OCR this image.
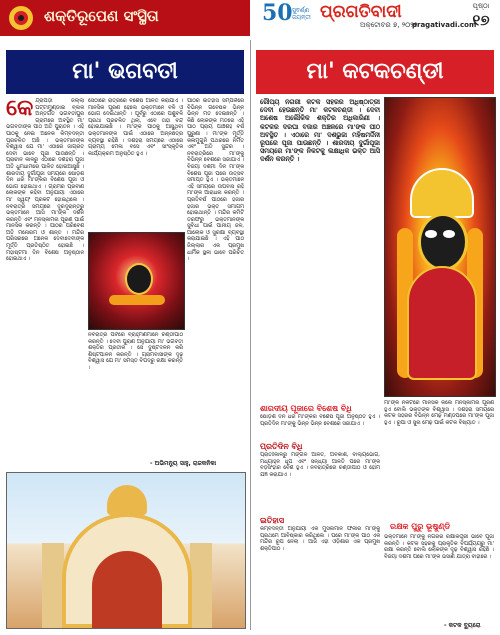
ଶକ୍ତିରୂପେଣ ସଂସ୍ଥିତା	50 ସୁବର୍ଣ୍ଣ ଜୟନ୍ତୀ ପ୍ରଗତିବାଦୀ
ଅକ୍ଟୋବର ୭, ୨୦୨୧
pragativadi.com
ପୃଷ୍ଠା
୧୭
ମା' ଭଗବତୀ
କେ ନ୍ଦ୍ରାପଡ଼ା ଜିଲ୍ଲା ପଟ୍ଟାମୁଣ୍ଡାଇ ବ୍ଲକ ଅନ୍ତର୍ଗତ ଭଗବତୀପୁର ଗ୍ରାମରେ ଅବସ୍ଥିତ ମା' ଭଗବତୀଙ୍କ ପୀଠ ଅତି ପୁରାତନ । ଏହି ପୀଠକୁ ନେଇ ଅନେକ କିମ୍ବଦନ୍ତୀ ପ୍ରଚଳିତ ଅଛି । ଭକ୍ତମାନଙ୍କ ବିଶ୍ୱାସ ଯେ ମା' ଏଠାରେ ଜାଗ୍ରତ ଦେବୀ ଭାବେ ପୂଜା ପାଉଛନ୍ତି । ପ୍ରାଚୀନ କାଳରୁ ଏଠାରେ ଦଶହରା ପୂଜା ଅତି ଧୁମଧାମରେ ପାଳିତ ହୋଇଆସୁଛି । ଶାରଦୀୟ ଦୁର୍ଗାପୂଜା ସମୟରେ ଷୋଡ଼ଶ ଦିନ ଧରି ମା'ଙ୍କର ବିଶେଷ ପୂଜା ଓ ଭୋଗ ହୋଇଥାଏ । ଗ୍ରାମର ପ୍ରବୀଣ ଲୋକଙ୍କ କହିବା ଅନୁଯାୟୀ ଏଠାରେ ମା' ସ୍ୱୟଂ ପ୍ରକଟ ହୋଇଥିଲେ । ନବରାତ୍ରି ସମୟରେ ଦୂରଦୂରାନ୍ତରୁ ଭକ୍ତମାନେ ଆସି ମା'ଙ୍କ ଦର୍ଶନ କରନ୍ତି ଏବଂ ମନସ୍କାମନା ପୂରଣ ପାଇଁ ମାନସିକ କରନ୍ତି । ପୀଠର ପରିବେଶ ଅତି ମନୋରମ ଓ ଶାନ୍ତ । ମନ୍ଦିର ପରିସରରେ ଅନେକ ଦେବାଦେବୀଙ୍କ ମୂର୍ତ୍ତି ପ୍ରତିଷ୍ଠିତ ହୋଇଛି । ମହାଷ୍ଟମୀ ଦିନ ବିଶେଷ ଅନୁଷ୍ଠାନ ହୋଇଥାଏ ।
ସେଠାରେ ରାତ୍ରିରେ ବିଶେଷ ଆଳତି କରାଯାଏ । ମାନସିକ ପୂରଣ ହେଲେ ଭକ୍ତମାନେ ବଳି ଓ ଭୋଗ ଦେଇଥାନ୍ତି । ପୂର୍ବରୁ ଏଠାରେ ପଶୁବଳି ପ୍ରଥା ପ୍ରଚଳିତ ଥିଲା, ଏବେ ତାହା ବନ୍ଦ ହୋଇଯାଇଛି । ମା'ଙ୍କ ପୀଠକୁ ଆସୁଥିବା ଭକ୍ତମାନଙ୍କ ପାଇଁ ଏଠାରେ ଅନ୍ନଛତ୍ର ବ୍ୟବସ୍ଥା ରହିଛି । ଦଶହରା ସମୟରେ ଏଠାରେ ଗ୍ରାମ୍ୟ ମେଳା ବସେ ଏବଂ ସାଂସ୍କୃତିକ କାର୍ଯ୍ୟକ୍ରମ ଅନୁଷ୍ଠିତ ହୁଏ ।
ନବରାତ୍ରି ପର୍ବରେ ବ୍ରାହ୍ମଣମାନେ ଚଣ୍ଡୀପାଠ କରନ୍ତି । ଦେବୀ ପୁରାଣ ଅନୁଯାୟୀ ମା' ଭଗବତୀ ଶକ୍ତିର ପ୍ରତୀକ । ସେ ଦୁଷ୍ଟଦଳନ କରି ଶିଷ୍ଟପାଳନ କରନ୍ତି । ଗ୍ରାମବାସୀଙ୍କ ଦୃଢ଼ ବିଶ୍ୱାସ ଯେ ମା' ସମସ୍ତ ବିପଦରୁ ରକ୍ଷା କରନ୍ତି ।
ପୀଠର ଇତିହାସ ସମ୍ପର୍କରେ ବିଭିନ୍ନ ଗବେଷକ ଭିନ୍ନ ଭିନ୍ନ ମତ ଦେଇଛନ୍ତି । କିଛି ଲୋକଙ୍କ ମତରେ ଏହି ପୀଠ ପ୍ରାୟ ପାଞ୍ଚଶହ ବର୍ଷ ପୁରୁଣା । ମା'ଙ୍କ ମୂର୍ତ୍ତି କଳାମୁଗୁନି ପଥରରେ ନିର୍ମିତ ଏବଂ ଅତି ସୁନ୍ଦର । ନବରାତ୍ରିରେ ମା'ଙ୍କୁ ବିଭିନ୍ନ ବେଶରେ ସଜାଯାଏ । ବିଜୟା ଦଶମୀ ଦିନ ମା'ଙ୍କ ବିଶେଷ ପୂଜା ପରେ ଉତ୍ସବ ସମାପ୍ତ ହୁଏ । ଭକ୍ତମାନେ ଏହି ସମୟରେ ଉପବାସ ରହି ମା'ଙ୍କ ଆରାଧନା କରନ୍ତି । ପ୍ରତିବର୍ଷ ପୀଠରେ ହଜାର ହଜାର ଭକ୍ତ ସମାଗମ ହୋଇଥାନ୍ତି । ମନ୍ଦିର କମିଟି ତରଫରୁ ଭକ୍ତମାନଙ୍କ ସୁବିଧା ପାଇଁ ପାନୀୟ ଜଳ, ଆଲୋକ ଓ ସୁରକ୍ଷା ବ୍ୟବସ୍ଥା କରାଯାଇଛି । ଏହି ପୀଠ ଜିଲ୍ଲାର ଏକ ପ୍ରମୁଖ ଧାର୍ମିକ ସ୍ଥଳୀ ଭାବେ ପରିଚିତ ।
- ଅଭିମନ୍ୟୁ ସାହୁ, ରାଜକନିକା
ମା' କଟକଚଣ୍ଡୀ
ରୌପ୍ୟ ନଗରୀ କଟକ ସହରର ଅଧିଷ୍ଠାତ୍ରୀ ଦେବୀ ହେଉଛନ୍ତି ମା' କଟକଚଣ୍ଡୀ । ଦେବୀ ଅଶେଷ ଅଲୌକିକ ଶକ୍ତିର ଅଧିକାରିଣୀ । କଟକର ଦରଘା ବଜାର ଅଞ୍ଚଳରେ ମା'ଙ୍କ ପୀଠ ଅବସ୍ଥିତ । ଏଠାରେ ମା' ଦଶଭୁଜା ମହିଷମର୍ଦ୍ଦିନୀ ରୂପରେ ପୂଜା ପାଉଛନ୍ତି । ଶାରଦୀୟ ଦୁର୍ଗାପୂଜା ସମୟରେ ମା'ଙ୍କ ନିକଟକୁ ଲକ୍ଷାଧିକ ଭକ୍ତ ଆସି ଦର୍ଶନ କରନ୍ତି ।
ଶାରଦୀୟ ପୂଜାରେ ବିଶେଷ ବିଧି
ଷୋଡ଼ଶ ଦିନ ଧରି ମା'ଙ୍କର ବିଶେଷ ପୂଜା ଅନୁଷ୍ଠିତ ହୁଏ । ପ୍ରତିଦିନ ମା'ଙ୍କୁ ଭିନ୍ନ ଭିନ୍ନ ବେଶରେ ସଜାଯାଏ ।
ପ୍ରତିଦିନ ବିଧି
ପ୍ରାତଃକାଳରୁ ମଙ୍ଗଳ ଆଳତି, ଅବକାଶ, ବାଲ୍ୟଭୋଗ, ମଧ୍ୟାହ୍ନ ଧୂପ ଏବଂ ସନ୍ଧ୍ୟା ଆଳତି ପରେ ମା'ଙ୍କ ବଡ଼ସିଂହାର ବେଶ ହୁଏ । ନବରାତ୍ରିରେ ଚଣ୍ଡୀପାଠ ଓ ହୋମ ଯଜ୍ଞ କରାଯାଏ ।
ଇତିହାସ
କିମ୍ବଦନ୍ତୀ ଅନୁଯାୟୀ ଏକ ମୁସଲମାନ ଫକୀର ମା'ଙ୍କୁ ପ୍ରଥମେ ଆବିଷ୍କାର କରିଥିଲେ । ପରେ ମା'ଙ୍କ ପୀଠ ଏକ ମନ୍ଦିର ରୂପ ନେଲା । ଆଜି ଏହା ଓଡ଼ିଶାର ଏକ ପ୍ରମୁଖ ଶକ୍ତିପୀଠ ।
ମା'ଙ୍କ ନିକଟରେ ମାନସିକ କଲେ ମନସ୍କାମନା ପୂରଣ ହୁଏ ବୋଲି ଭକ୍ତଙ୍କ ବିଶ୍ୱାସ । ଦଶହରା ସମୟରେ କଟକ ସହରର ବିଭିନ୍ନ ମେଢ଼ ମଣ୍ଡପରେ ମା'ଙ୍କ ପୂଜା ହୁଏ । ରୂପା ଓ ସୁନା ମେଢ଼ ପାଇଁ କଟକ ବିଖ୍ୟାତ ।
ରକ୍ଷକ ପୁରୁ ଭୂଷୁଣ୍ଡି
ଭକ୍ତମାନେ ମା'ଙ୍କୁ ନଗରର ରକ୍ଷାକର୍ତ୍ତ୍ରୀ ଭାବେ ପୂଜା କରନ୍ତି । କଟକ ସହରକୁ ପ୍ରାକୃତିକ ବିପର୍ଯ୍ୟୟରୁ ମା' ରକ୍ଷା କରନ୍ତି ବୋଲି ଲୋକଙ୍କ ଦୃଢ଼ ବିଶ୍ୱାସ ରହିଛି । ବିଜୟା ଦଶମୀ ପରେ ମା'ଙ୍କ ଭସାଣି ଯାତ୍ରା ବାହାରେ ।
- କଟକ ବ୍ୟୁରୋ
